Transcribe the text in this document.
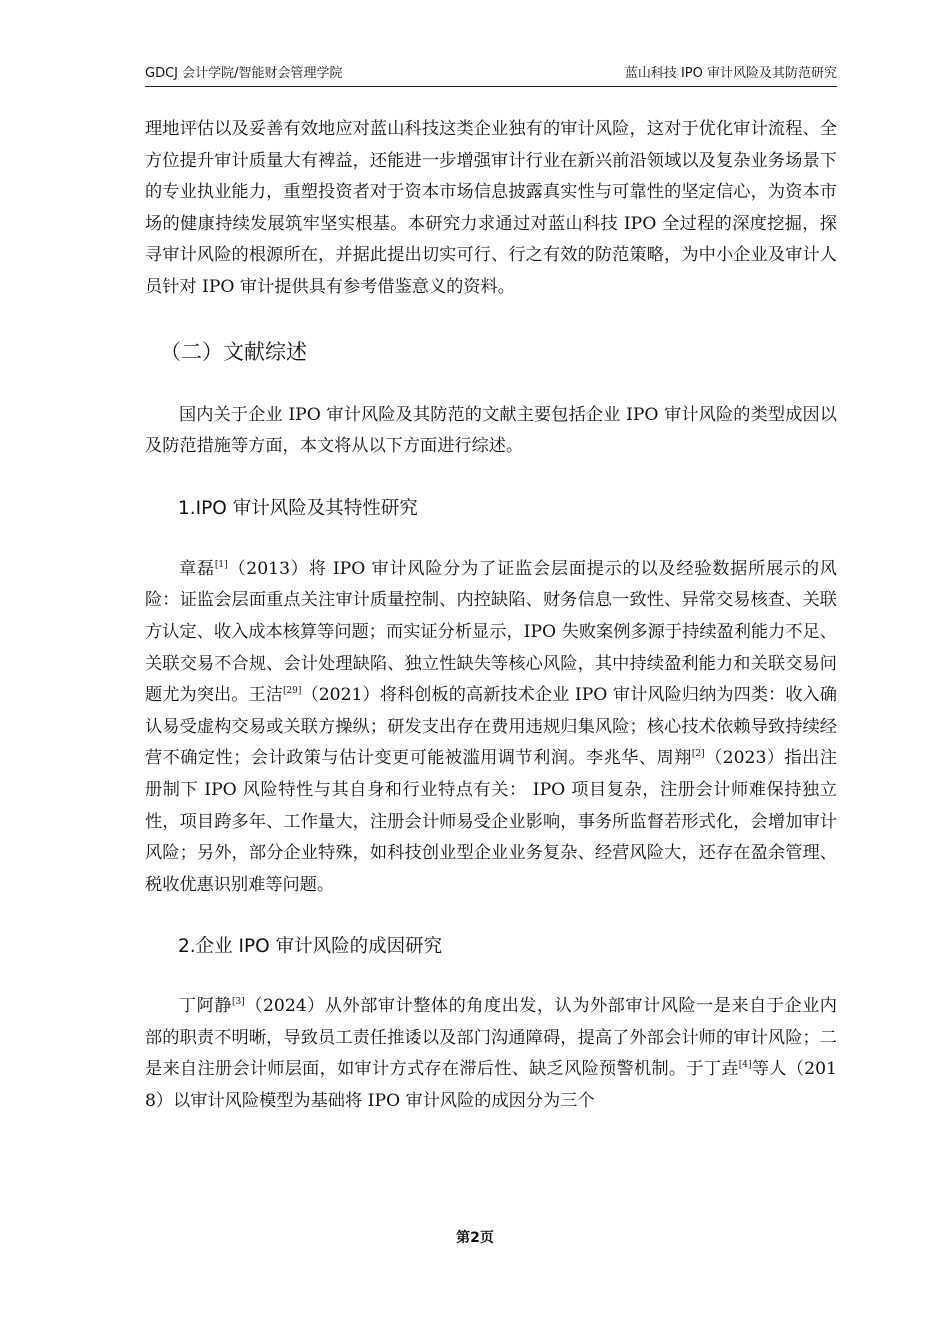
GDCJ 会计学院/智能财会管理学院	蓝山科技 IPO 审计风险及其防范研究

理地评估以及妥善有效地应对蓝山科技这类企业独有的审计风险，这对于优化审计流程、全方位提升审计质量大有裨益，还能进一步增强审计行业在新兴前沿领域以及复杂业务场景下的专业执业能力，重塑投资者对于资本市场信息披露真实性与可靠性的坚定信心，为资本市场的健康持续发展筑牢坚实根基。本研究力求通过对蓝山科技 IPO 全过程的深度挖掘，探寻审计风险的根源所在，并据此提出切实可行、行之有效的防范策略，为中小企业及审计人员针对 IPO 审计提供具有参考借鉴意义的资料。

（二）文献综述

国内关于企业 IPO 审计风险及其防范的文献主要包括企业 IPO 审计风险的类型成因以及防范措施等方面，本文将从以下方面进行综述。

1.IPO 审计风险及其特性研究

章磊[1]（2013）将 IPO 审计风险分为了证监会层面提示的以及经验数据所展示的风险：证监会层面重点关注审计质量控制、内控缺陷、财务信息一致性、异常交易核查、关联方认定、收入成本核算等问题；而实证分析显示，IPO 失败案例多源于持续盈利能力不足、关联交易不合规、会计处理缺陷、独立性缺失等核心风险，其中持续盈利能力和关联交易问题尤为突出。王洁[29]（2021）将科创板的高新技术企业 IPO 审计风险归纳为四类：收入确认易受虚构交易或关联方操纵；研发支出存在费用违规归集风险；核心技术依赖导致持续经营不确定性；会计政策与估计变更可能被滥用调节利润。李兆华、周翔[2]（2023）指出注册制下 IPO 风险特性与其自身和行业特点有关： IPO 项目复杂，注册会计师难保持独立性，项目跨多年、工作量大，注册会计师易受企业影响，事务所监督若形式化，会增加审计风险；另外，部分企业特殊，如科技创业型企业业务复杂、经营风险大，还存在盈余管理、税收优惠识别难等问题。

2.企业 IPO 审计风险的成因研究

丁阿静[3]（2024）从外部审计整体的角度出发，认为外部审计风险一是来自于企业内部的职责不明晰，导致员工责任推诿以及部门沟通障碍，提高了外部会计师的审计风险；二是来自注册会计师层面，如审计方式存在滞后性、缺乏风险预警机制。于丁垚[4]等人（2018）以审计风险模型为基础将 IPO 审计风险的成因分为三个

第2页
